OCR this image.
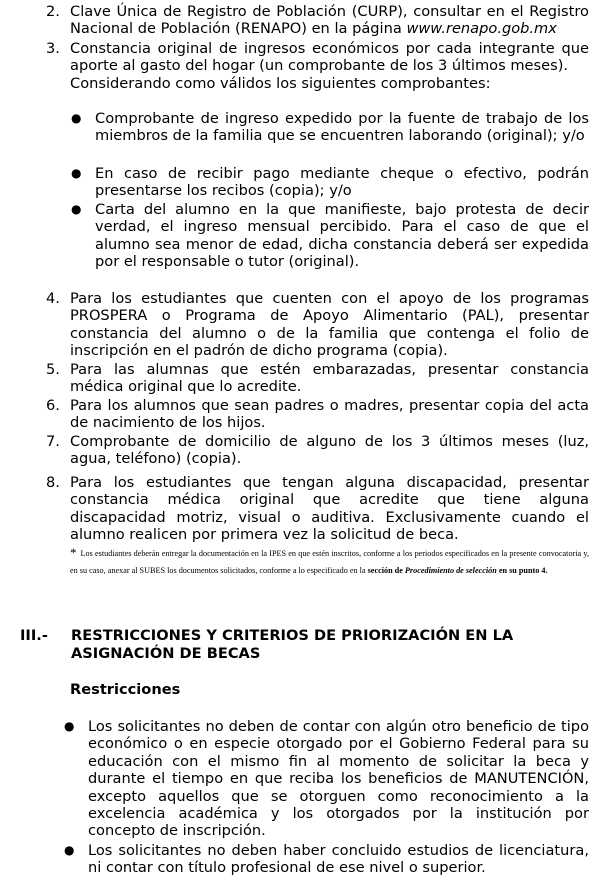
2. Clave Única de Registro de Población (CURP), consultar en el Registro Nacional de Población (RENAPO) en la página www.renapo.gob.mx

3. Constancia original de ingresos económicos por cada integrante que aporte al gasto del hogar (un comprobante de los 3 últimos meses).

Considerando como válidos los siguientes comprobantes:

● Comprobante de ingreso expedido por la fuente de trabajo de los miembros de la familia que se encuentren laborando (original); y/o

● En caso de recibir pago mediante cheque o efectivo, podrán presentarse los recibos (copia); y/o

● Carta del alumno en la que manifieste, bajo protesta de decir verdad, el ingreso mensual percibido. Para el caso de que el alumno sea menor de edad, dicha constancia deberá ser expedida por el responsable o tutor (original).

4. Para los estudiantes que cuenten con el apoyo de los programas PROSPERA o Programa de Apoyo Alimentario (PAL), presentar constancia del alumno o de la familia que contenga el folio de inscripción en el padrón de dicho programa (copia).

5. Para las alumnas que estén embarazadas, presentar constancia médica original que lo acredite.

6. Para los alumnos que sean padres o madres, presentar copia del acta de nacimiento de los hijos.

7. Comprobante de domicilio de alguno de los 3 últimos meses (luz, agua, teléfono) (copia).

8. Para los estudiantes que tengan alguna discapacidad, presentar constancia médica original que acredite que tiene alguna discapacidad motriz, visual o auditiva. Exclusivamente cuando el alumno realicen por primera vez la solicitud de beca.

* Los estudiantes deberán entregar la documentación en la IPES en que estén inscritos, conforme a los periodos especificados en la presente convocatoria y, en su caso, anexar al SUBES los documentos solicitados, conforme a lo especificado en la sección de Procedimiento de selección en su punto 4.
III.- RESTRICCIONES Y CRITERIOS DE PRIORIZACIÓN EN LA
ASIGNACIÓN DE BECAS
Restricciones
● Los solicitantes no deben de contar con algún otro beneficio de tipo económico o en especie otorgado por el Gobierno Federal para su educación con el mismo fin al momento de solicitar la beca y durante el tiempo en que reciba los beneficios de MANUTENCIÓN, excepto aquellos que se otorguen como reconocimiento a la excelencia académica y los otorgados por la institución por concepto de inscripción.

● Los solicitantes no deben haber concluido estudios de licenciatura, ni contar con título profesional de ese nivel o superior.
